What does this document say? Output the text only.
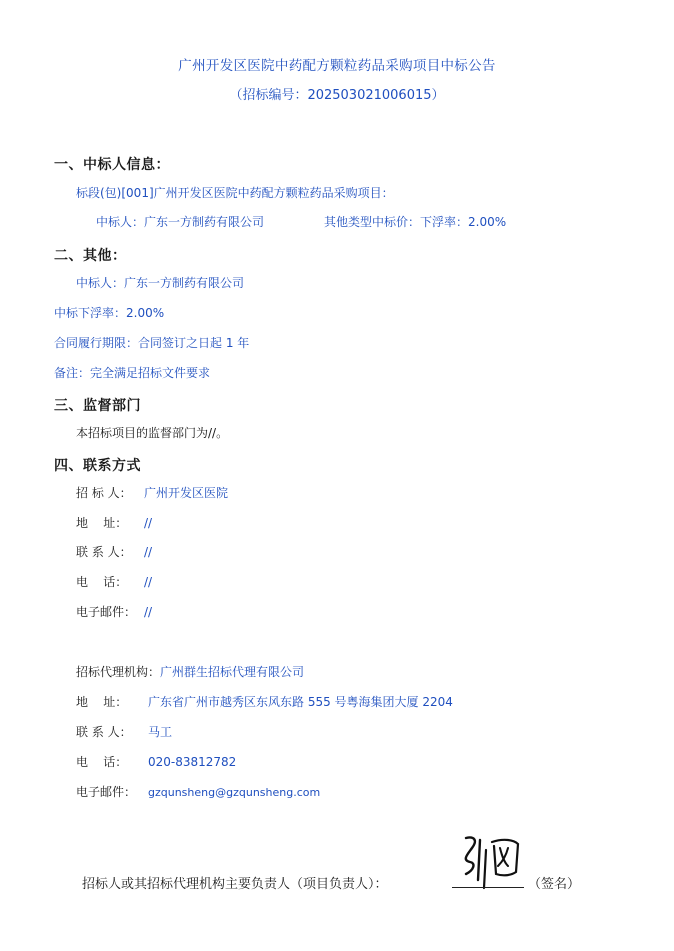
广州开发区医院中药配方颗粒药品采购项目中标公告
（招标编号：202503021006015）
一、中标人信息：
标段(包)[001]广州开发区医院中药配方颗粒药品采购项目：
中标人：广东一方制药有限公司	其他类型中标价：下浮率：2.00%
二、其他：
中标人：广东一方制药有限公司
中标下浮率：2.00%
合同履行期限：合同签订之日起 1 年
备注：完全满足招标文件要求
三、监督部门
本招标项目的监督部门为//。
四、联系方式
招 标 人： 广州开发区医院
地    址： //
联 系 人： //
电    话： //
电子邮件： //
招标代理机构：广州群生招标代理有限公司
地    址： 广东省广州市越秀区东风东路 555 号粤海集团大厦 2204
联 系 人： 马工
电    话： 020-83812782
电子邮件： gzqunsheng@gzqunsheng.com
招标人或其招标代理机构主要负责人（项目负责人）：	（签名）
